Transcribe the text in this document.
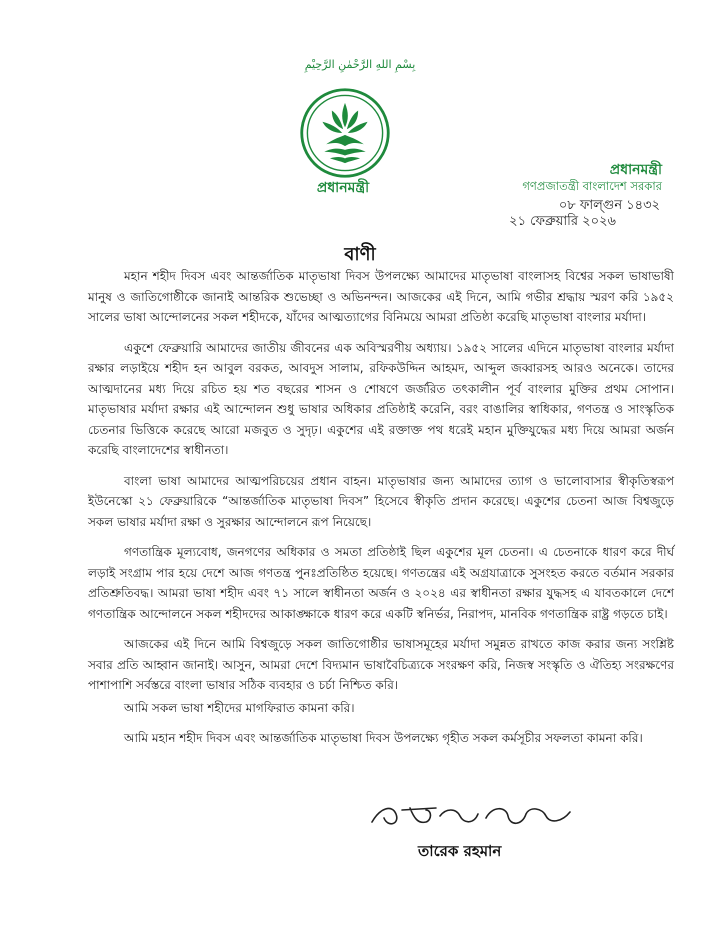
بِسْمِ اللهِ الرَّحْمٰنِ الرَّحِيْمِ
প্রধানমন্ত্রী
প্রধানমন্ত্রী
গণপ্রজাতন্ত্রী বাংলাদেশ সরকার
০৮ ফাল্গুন ১৪৩২
২১ ফেব্রুয়ারি ২০২৬
বাণী

মহান শহীদ দিবস এবং আন্তর্জাতিক মাতৃভাষা দিবস উপলক্ষ্যে আমাদের মাতৃভাষা বাংলাসহ বিশ্বের সকল ভাষাভাষী মানুষ ও জাতিগোষ্ঠীকে জানাই আন্তরিক শুভেচ্ছা ও অভিনন্দন। আজকের এই দিনে, আমি গভীর শ্রদ্ধায় স্মরণ করি ১৯৫২ সালের ভাষা আন্দোলনের সকল শহীদকে, যাঁদের আত্মত্যাগের বিনিময়ে আমরা প্রতিষ্ঠা করেছি মাতৃভাষা বাংলার মর্যাদা।

একুশে ফেব্রুয়ারি আমাদের জাতীয় জীবনের এক অবিস্মরণীয় অধ্যায়। ১৯৫২ সালের এদিনে মাতৃভাষা বাংলার মর্যাদা রক্ষার লড়াইয়ে শহীদ হন আবুল বরকত, আবদুস সালাম, রফিকউদ্দিন আহমদ, আব্দুল জব্বারসহ আরও অনেকে। তাদের আত্মদানের মধ্য দিয়ে রচিত হয় শত বছরের শাসন ও শোষণে জর্জরিত তৎকালীন পূর্ব বাংলার মুক্তির প্রথম সোপান। মাতৃভাষার মর্যাদা রক্ষার এই আন্দোলন শুধু ভাষার অধিকার প্রতিষ্ঠাই করেনি, বরং বাঙালির স্বাধিকার, গণতন্ত্র ও সাংস্কৃতিক চেতনার ভিত্তিকে করেছে আরো মজবুত ও সুদৃঢ়। একুশের এই রক্তাক্ত পথ ধরেই মহান মুক্তিযুদ্ধের মধ্য দিয়ে আমরা অর্জন করেছি বাংলাদেশের স্বাধীনতা।

বাংলা ভাষা আমাদের আত্মপরিচয়ের প্রধান বাহন। মাতৃভাষার জন্য আমাদের ত্যাগ ও ভালোবাসার স্বীকৃতিস্বরূপ ইউনেস্কো ২১ ফেব্রুয়ারিকে “আন্তর্জাতিক মাতৃভাষা দিবস” হিসেবে স্বীকৃতি প্রদান করেছে। একুশের চেতনা আজ বিশ্বজুড়ে সকল ভাষার মর্যাদা রক্ষা ও সুরক্ষার আন্দোলনে রূপ নিয়েছে।

গণতান্ত্রিক মূল্যবোধ, জনগণের অধিকার ও সমতা প্রতিষ্ঠাই ছিল একুশের মূল চেতনা। এ চেতনাকে ধারণ করে দীর্ঘ লড়াই সংগ্রাম পার হয়ে দেশে আজ গণতন্ত্র পুনঃপ্রতিষ্ঠিত হয়েছে। গণতন্ত্রের এই অগ্রযাত্রাকে সুসংহত করতে বর্তমান সরকার প্রতিশ্রুতিবদ্ধ। আমরা ভাষা শহীদ এবং ৭১ সালে স্বাধীনতা অর্জন ও ২০২৪ এর স্বাধীনতা রক্ষার যুদ্ধসহ এ যাবতকালে দেশে গণতান্ত্রিক আন্দোলনে সকল শহীদদের আকাঙ্ক্ষাকে ধারণ করে একটি স্বনির্ভর, নিরাপদ, মানবিক গণতান্ত্রিক রাষ্ট্র গড়তে চাই।

আজকের এই দিনে আমি বিশ্বজুড়ে সকল জাতিগোষ্ঠীর ভাষাসমূহের মর্যাদা সমুন্নত রাখতে কাজ করার জন্য সংশ্লিষ্ট সবার প্রতি আহ্বান জানাই। আসুন, আমরা দেশে বিদ্যমান ভাষাবৈচিত্র্যকে সংরক্ষণ করি, নিজস্ব সংস্কৃতি ও ঐতিহ্য সংরক্ষণের পাশাপাশি সর্বস্তরে বাংলা ভাষার সঠিক ব্যবহার ও চর্চা নিশ্চিত করি।

আমি সকল ভাষা শহীদের মাগফিরাত কামনা করি।

আমি মহান শহীদ দিবস এবং আন্তর্জাতিক মাতৃভাষা দিবস উপলক্ষ্যে গৃহীত সকল কর্মসূচীর সফলতা কামনা করি।

তারেক রহমান
